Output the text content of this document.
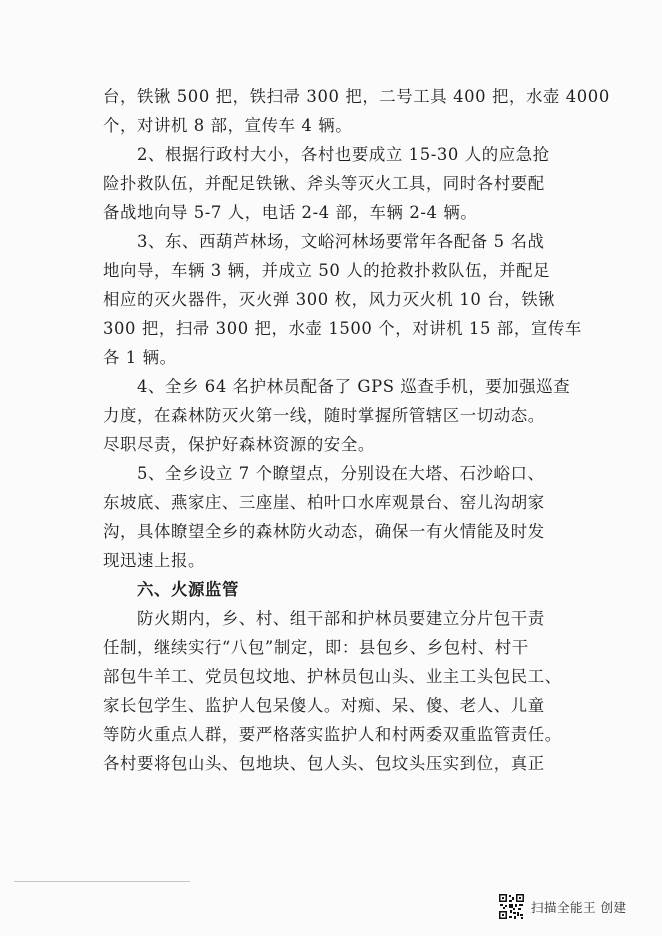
台，铁锹 500 把，铁扫帚 300 把，二号工具 400 把，水壶 4000
个，对讲机 8 部，宣传车 4 辆。

　　2、根据行政村大小，各村也要成立 15-30 人的应急抢
险扑救队伍，并配足铁锹、斧头等灭火工具，同时各村要配
备战地向导 5-7 人，电话 2-4 部，车辆 2-4 辆。

　　3、东、西葫芦林场，文峪河林场要常年各配备 5 名战
地向导，车辆 3 辆，并成立 50 人的抢救扑救队伍，并配足
相应的灭火器件，灭火弹 300 枚，风力灭火机 10 台，铁锹
300 把，扫帚 300 把，水壶 1500 个，对讲机 15 部，宣传车
各 1 辆。

　　4、全乡 64 名护林员配备了 GPS 巡查手机，要加强巡查
力度，在森林防灭火第一线，随时掌握所管辖区一切动态。
尽职尽责，保护好森林资源的安全。

　　5、全乡设立 7 个瞭望点，分别设在大塔、石沙峪口、
东坡底、燕家庄、三座崖、柏叶口水库观景台、窑儿沟胡家
沟，具体瞭望全乡的森林防火动态，确保一有火情能及时发
现迅速上报。

六、火源监管

　　防火期内，乡、村、组干部和护林员要建立分片包干责
任制，继续实行“八包”制定，即：县包乡、乡包村、村干
部包牛羊工、党员包坟地、护林员包山头、业主工头包民工、
家长包学生、监护人包呆傻人。对痴、呆、傻、老人、儿童
等防火重点人群，要严格落实监护人和村两委双重监管责任。
各村要将包山头、包地块、包人头、包坟头压实到位，真正

扫描全能王 创建
